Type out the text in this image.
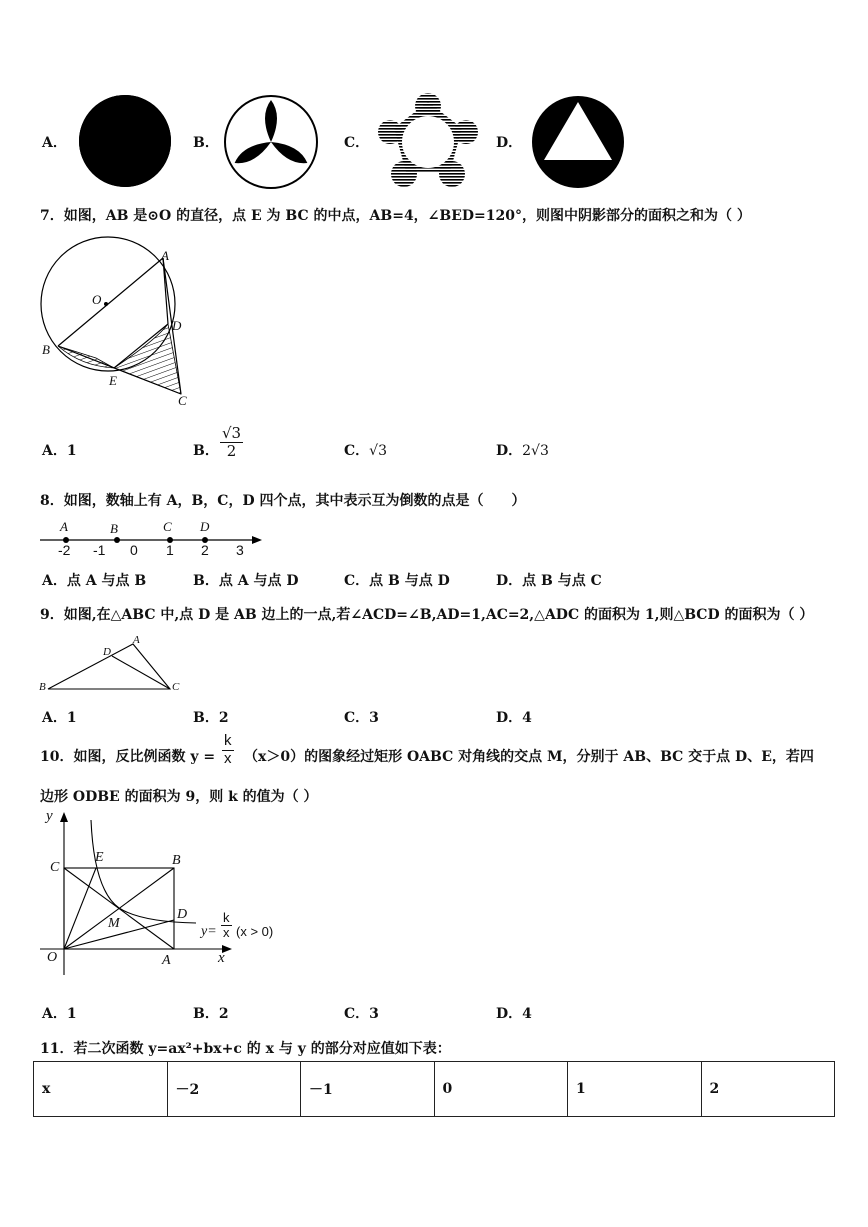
A．	B．	C．	D．
7．如图，AB 是⊙O 的直径，点 E 为 BC 的中点，AB=4，∠BED=120°，则图中阴影部分的面积之和为（ ）
A
O
D
B
E
C
A．1	B． $\frac{√3}{2}$	C．√3	D．2√3
8．如图，数轴上有 A，B，C，D 四个点，其中表示互为倒数的点是（　　）
A	B	C D
-2 -1 0 1 2 3
A．点 A 与点 B	B．点 A 与点 D	C．点 B 与点 D	D．点 B 与点 C
9．如图,在△ABC 中,点 D 是 AB 边上的一点,若∠ACD=∠B,AD=1,AC=2,△ADC 的面积为 1,则△BCD 的面积为（ ）
A
D
B	C
A．1	B．2	C．3	D．4
10．如图，反比例函数 $y = \frac{k}{x} (x>0)$的图象经过矩形 OABC 对角线的交点 M，分别于 AB、BC 交于点 D、E，若四
边形 ODBE 的面积为 9，则 k 的值为（ ）
y
x
C
E	B
M
D
O	A
$y= \frac{k}{x} (x > 0)$
A．1	B．2	C．3	D．4
11．若二次函数 y=ax²+bx+c 的 x 与 y 的部分对应值如下表：
x	－2	－1	0	1	2
